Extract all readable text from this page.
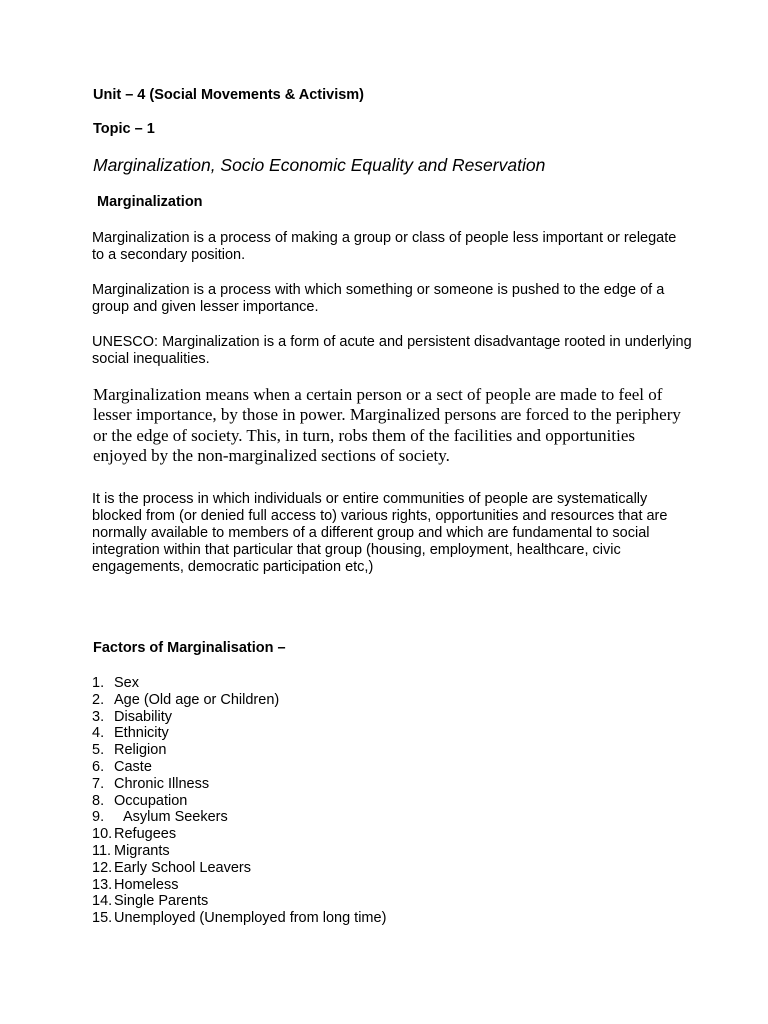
Unit – 4 (Social Movements & Activism)

Topic – 1

Marginalization, Socio Economic Equality and Reservation
Marginalization

Marginalization is a process of making a group or class of people less important or relegate to a secondary position.

Marginalization is a process with which something or someone is pushed to the edge of a group and given lesser importance.

UNESCO: Marginalization is a form of acute and persistent disadvantage rooted in underlying social inequalities.

Marginalization means when a certain person or a sect of people are made to feel of lesser importance, by those in power. Marginalized persons are forced to the periphery or the edge of society. This, in turn, robs them of the facilities and opportunities enjoyed by the non-marginalized sections of society.

It is the process in which individuals or entire communities of people are systematically blocked from (or denied full access to) various rights, opportunities and resources that are normally available to members of a different group and which are fundamental to social integration within that particular that group (housing, employment, healthcare, civic engagements, democratic participation etc,)

Factors of Marginalisation –
1. Sex
2. Age (Old age or Children)
3. Disability
4. Ethnicity
5. Religion
6. Caste
7. Chronic Illness
8. Occupation
9.	Asylum Seekers
10. Refugees
11. Migrants
12. Early School Leavers
13. Homeless
14. Single Parents
15. Unemployed (Unemployed from long time)
